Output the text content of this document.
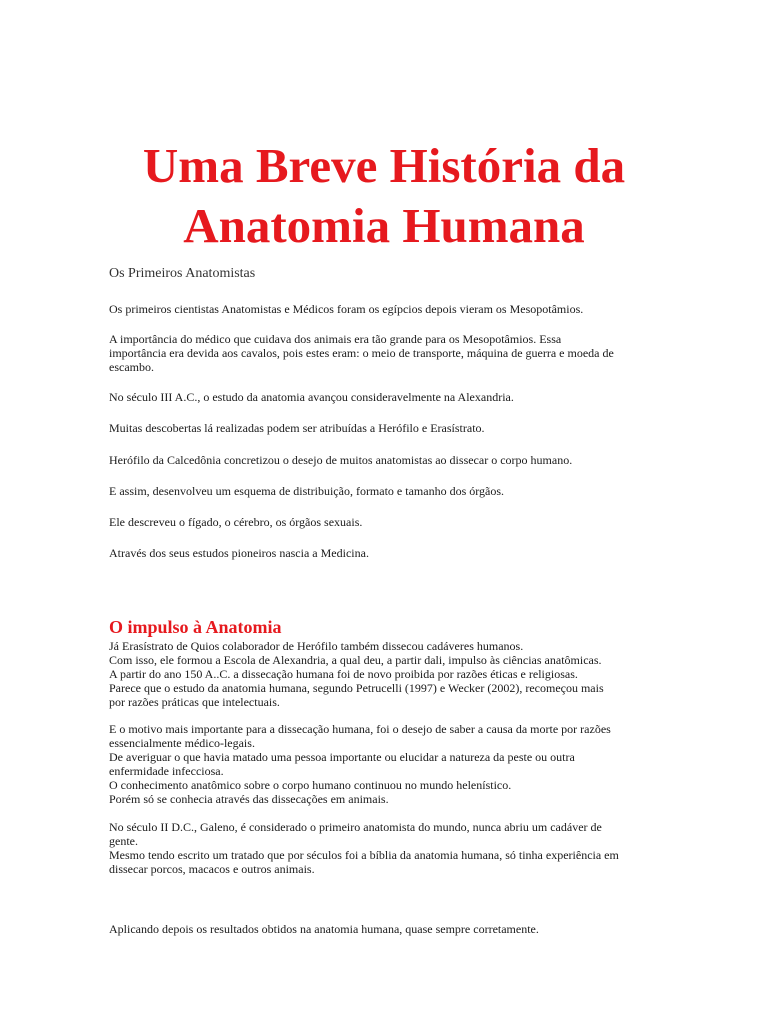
Uma Breve História da
Anatomia Humana

Os Primeiros Anatomistas

Os primeiros cientistas Anatomistas e Médicos foram os egípcios depois vieram os Mesopotâmios.

A importância do médico que cuidava dos animais era tão grande para os Mesopotâmios. Essa
importância era devida aos cavalos, pois estes eram: o meio de transporte, máquina de guerra e moeda de
escambo.

No século III A.C., o estudo da anatomia avançou consideravelmente na Alexandria.

Muitas descobertas lá realizadas podem ser atribuídas a Herófilo e Erasístrato.

Herófilo da Calcedônia concretizou o desejo de muitos anatomistas ao dissecar o corpo humano.

E assim, desenvolveu um esquema de distribuição, formato e tamanho dos órgãos.

Ele descreveu o fígado, o cérebro, os órgãos sexuais.

Através dos seus estudos pioneiros nascia a Medicina.

O impulso à Anatomia

Já Erasístrato de Quios colaborador de Herófilo também dissecou cadáveres humanos.
Com isso, ele formou a Escola de Alexandria, a qual deu, a partir dali, impulso às ciências anatômicas.
A partir do ano 150 A..C. a dissecação humana foi de novo proibida por razões éticas e religiosas.
Parece que o estudo da anatomia humana, segundo Petrucelli (1997) e Wecker (2002), recomeçou mais
por razões práticas que intelectuais.

E o motivo mais importante para a dissecação humana, foi o desejo de saber a causa da morte por razões
essencialmente médico-legais.
De averiguar o que havia matado uma pessoa importante ou elucidar a natureza da peste ou outra
enfermidade infecciosa.
O conhecimento anatômico sobre o corpo humano continuou no mundo helenístico.
Porém só se conhecia através das dissecações em animais.

No século II D.C., Galeno, é considerado o primeiro anatomista do mundo, nunca abriu um cadáver de
gente.
Mesmo tendo escrito um tratado que por séculos foi a bíblia da anatomia humana, só tinha experiência em
dissecar porcos, macacos e outros animais.

Aplicando depois os resultados obtidos na anatomia humana, quase sempre corretamente.
